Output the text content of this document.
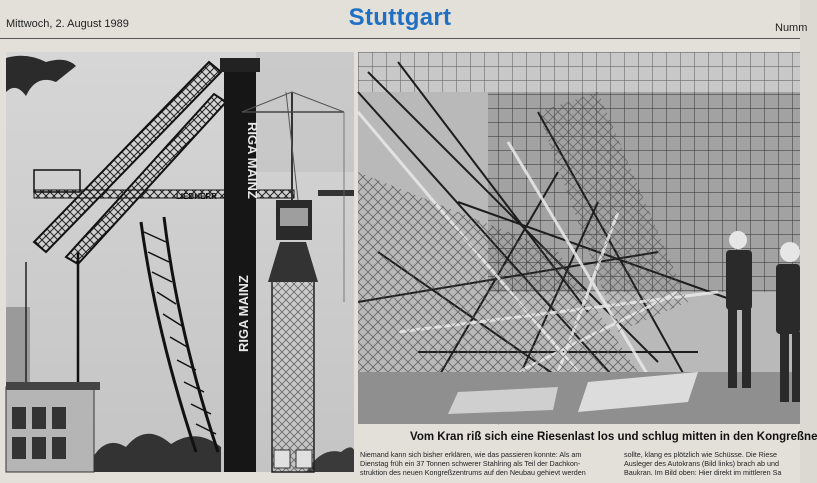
Mittwoch, 2. August 1989	Stuttgart	Numm
RIGA MAINZ
RIGA MAINZ
LIEBHERR
Vom Kran riß sich eine Riesenlast los und schlug mitten in den Kongreßne
Niemand kann sich bisher erklären, wie das passieren konnte: Als am
Dienstag früh ein 37 Tonnen schwerer Stahlring als Teil der Dachkon-
struktion des neuen Kongreßzentrums auf den Neubau gehievt werden
sollte, klang es plötzlich wie Schüsse. Die Riese
Ausleger des Autokrans (Bild links) brach ab und
Baukran. Im Bild oben: Hier direkt im mittleren Sa
